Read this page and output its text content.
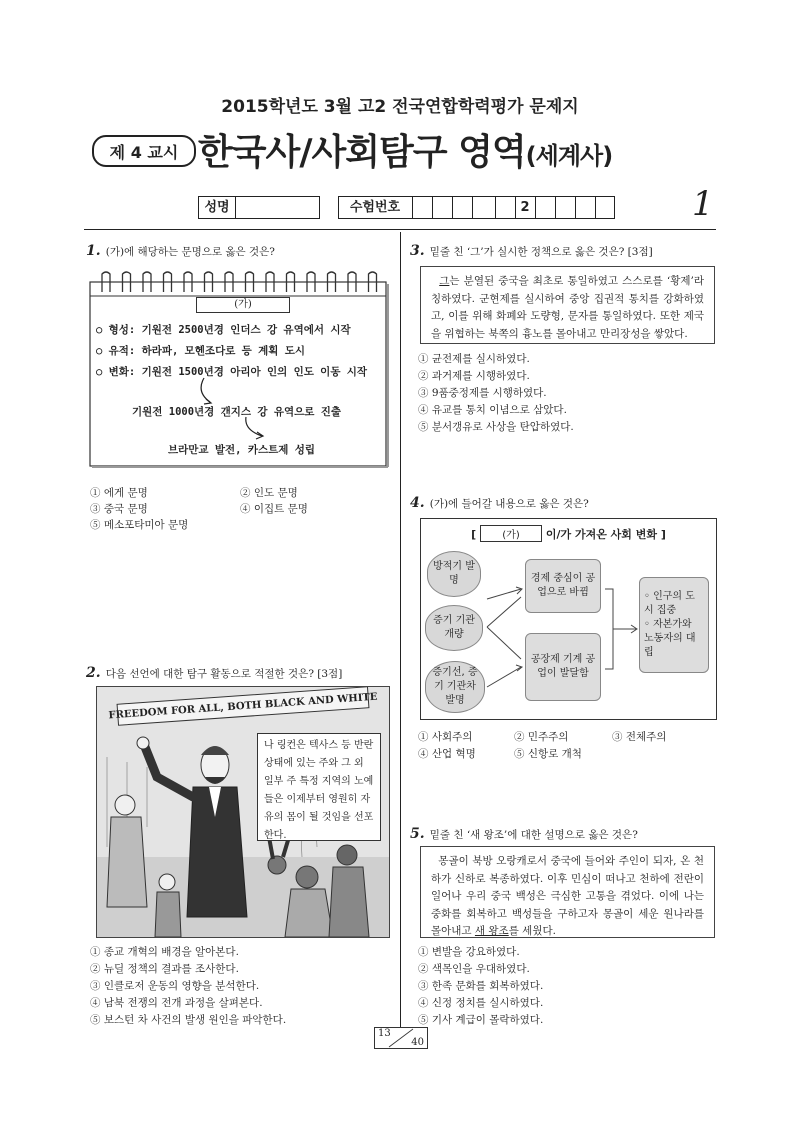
2015학년도 3월 고2 전국연합학력평가 문제지
제 4 교시 한국사/사회탐구 영역(세계사)
성명	수험번호	2	1
1. (가)에 해당하는 문명으로 옳은 것은?
(가)
○ 형성: 기원전 2500년경 인더스 강 유역에서 시작
○ 유적: 하라파, 모헨조다로 등 계획 도시
○ 변화: 기원전 1500년경 아리아 인의 인도 이동 시작
기원전 1000년경 갠지스 강 유역으로 진출
브라만교 발전, 카스트제 성립
① 에게 문명	② 인도 문명
③ 중국 문명	④ 이집트 문명
⑤ 메소포타미아 문명
2. 다음 선언에 대한 탐구 활동으로 적절한 것은? [3점]
FREEDOM FOR ALL, BOTH BLACK AND WHITE
나 링컨은 텍사스 등 반란 상태에 있는 주와 그 외 일부 주 특정 지역의 노예들은 이제부터 영원히 자유의 몸이 될 것임을 선포한다.
① 종교 개혁의 배경을 알아본다.
② 뉴딜 정책의 결과를 조사한다.
③ 인클로저 운동의 영향을 분석한다.
④ 남북 전쟁의 전개 과정을 살펴본다.
⑤ 보스턴 차 사건의 발생 원인을 파악한다.
3. 밑줄 친 ‘그’가 실시한 정책으로 옳은 것은? [3점]
그는 분열된 중국을 최초로 통일하였고 스스로를 ‘황제’라 칭하였다. 군현제를 실시하여 중앙 집권적 통치를 강화하였고, 이를 위해 화폐와 도량형, 문자를 통일하였다. 또한 제국을 위협하는 북쪽의 흉노를 몰아내고 만리장성을 쌓았다.
① 균전제를 실시하였다.
② 과거제를 시행하였다.
③ 9품중정제를 시행하였다.
④ 유교를 통치 이념으로 삼았다.
⑤ 분서갱유로 사상을 탄압하였다.
4. (가)에 들어갈 내용으로 옳은 것은?
[ (가) 이/가 가져온 사회 변화 ]
방적기 발명
증기 기관 개량
증기선, 증기 기관차 발명
경제 중심이 공업으로 바뀜
공장제 기계 공업이 발달함
◦ 인구의 도시 집중
◦ 자본가와 노동자의 대립
① 사회주의	② 민주주의	③ 전체주의
④ 산업 혁명	⑤ 신항로 개척
5. 밑줄 친 ‘새 왕조’에 대한 설명으로 옳은 것은?
몽골이 북방 오랑캐로서 중국에 들어와 주인이 되자, 온 천하가 신하로 복종하였다. 이후 민심이 떠나고 천하에 전란이 일어나 우리 중국 백성은 극심한 고통을 겪었다. 이에 나는 중화를 회복하고 백성들을 구하고자 몽골이 세운 원나라를 몰아내고 새 왕조를 세웠다.
① 변발을 강요하였다.
② 색목인을 우대하였다.
③ 한족 문화를 회복하였다.
④ 신정 정치를 실시하였다.
⑤ 기사 계급이 몰락하였다.
13
40
